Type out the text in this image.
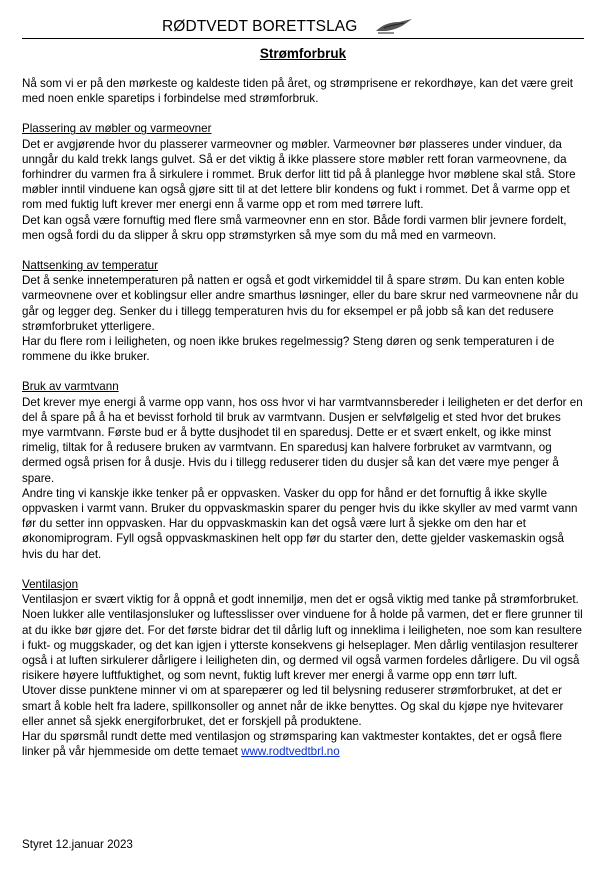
RØDTVEDT BORETTSLAG
Strømforbruk

Nå som vi er på den mørkeste og kaldeste tiden på året, og strømprisene er rekordhøye, kan det være greit med noen enkle sparetips i forbindelse med strømforbruk.

Plassering av møbler og varmeovner

Det er avgjørende hvor du plasserer varmeovner og møbler. Varmeovner bør plasseres under vinduer, da unngår du kald trekk langs gulvet. Så er det viktig å ikke plassere store møbler rett foran varmeovnene, da forhindrer du varmen fra å sirkulere i rommet. Bruk derfor litt tid på å planlegge hvor møblene skal stå. Store møbler inntil vinduene kan også gjøre sitt til at det lettere blir kondens og fukt i rommet. Det å varme opp et rom med fuktig luft krever mer energi enn å varme opp et rom med tørrere luft.

Det kan også være fornuftig med flere små varmeovner enn en stor. Både fordi varmen blir jevnere fordelt, men også fordi du da slipper å skru opp strømstyrken så mye som du må med en varmeovn.

Nattsenking av temperatur

Det å senke innetemperaturen på natten er også et godt virkemiddel til å spare strøm. Du kan enten koble varmeovnene over et koblingsur eller andre smarthus løsninger, eller du bare skrur ned varmeovnene når du går og legger deg. Senker du i tillegg temperaturen hvis du for eksempel er på jobb så kan det redusere strømforbruket ytterligere.

Har du flere rom i leiligheten, og noen ikke brukes regelmessig? Steng døren og senk temperaturen i de rommene du ikke bruker.

Bruk av varmtvann

Det krever mye energi å varme opp vann, hos oss hvor vi har varmtvannsbereder i leiligheten er det derfor en del å spare på å ha et bevisst forhold til bruk av varmtvann. Dusjen er selvfølgelig et sted hvor det brukes mye varmtvann. Første bud er å bytte dusjhodet til en sparedusj. Dette er et svært enkelt, og ikke minst rimelig, tiltak for å redusere bruken av varmtvann. En sparedusj kan halvere forbruket av varmtvann, og dermed også prisen for å dusje. Hvis du i tillegg reduserer tiden du dusjer så kan det være mye penger å spare.

Andre ting vi kanskje ikke tenker på er oppvasken. Vasker du opp for hånd er det fornuftig å ikke skylle oppvasken i varmt vann. Bruker du oppvaskmaskin sparer du penger hvis du ikke skyller av med varmt vann før du setter inn oppvasken. Har du oppvaskmaskin kan det også være lurt å sjekke om den har et økonomiprogram. Fyll også oppvaskmaskinen helt opp før du starter den, dette gjelder vaskemaskin også hvis du har det.

Ventilasjon

Ventilasjon er svært viktig for å oppnå et godt innemiljø, men det er også viktig med tanke på strømforbruket. Noen lukker alle ventilasjonsluker og luftesslisser over vinduene for å holde på varmen, det er flere grunner til at du ikke bør gjøre det. For det første bidrar det til dårlig luft og inneklima i leiligheten, noe som kan resultere i fukt- og muggskader, og det kan igjen i ytterste konsekvens gi helseplager. Men dårlig ventilasjon resulterer også i at luften sirkulerer dårligere i leiligheten din, og dermed vil også varmen fordeles dårligere. Du vil også risikere høyere luftfuktighet, og som nevnt, fuktig luft krever mer energi å varme opp enn tørr luft.

Utover disse punktene minner vi om at sparepærer og led til belysning reduserer strømforbruket, at det er smart å koble helt fra ladere, spillkonsoller og annet når de ikke benyttes. Og skal du kjøpe nye hvitevarer eller annet så sjekk energiforbruket, det er forskjell på produktene.

Har du spørsmål rundt dette med ventilasjon og strømsparing kan vaktmester kontaktes, det er også flere linker på vår hjemmeside om dette temaet www.rodtvedtbrl.no

Styret 12.januar 2023
